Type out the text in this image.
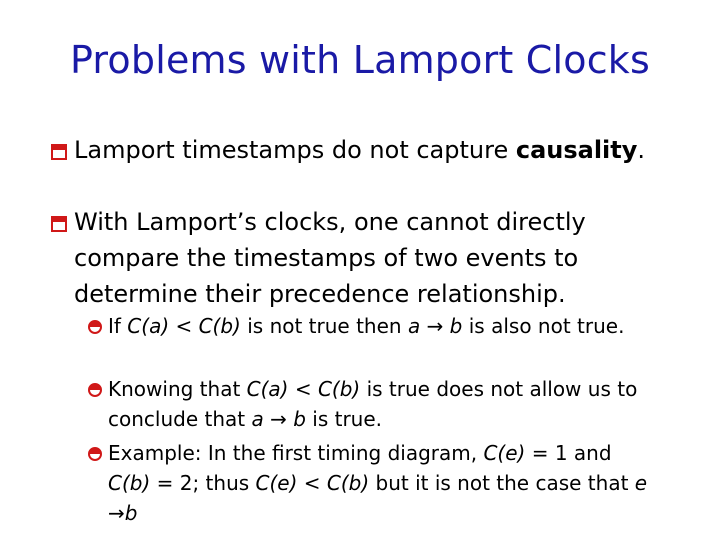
Problems with Lamport Clocks
Lamport timestamps do not capture causality.
With Lamport’s clocks, one cannot directly compare the timestamps of two events to determine their precedence relationship.
If C(a) < C(b) is not true then a → b is also not true.
Knowing that C(a) < C(b) is true does not allow us to conclude that a → b is true.
Example: In the first timing diagram, C(e) = 1 and C(b) = 2; thus C(e) < C(b) but it is not the case that e →b
